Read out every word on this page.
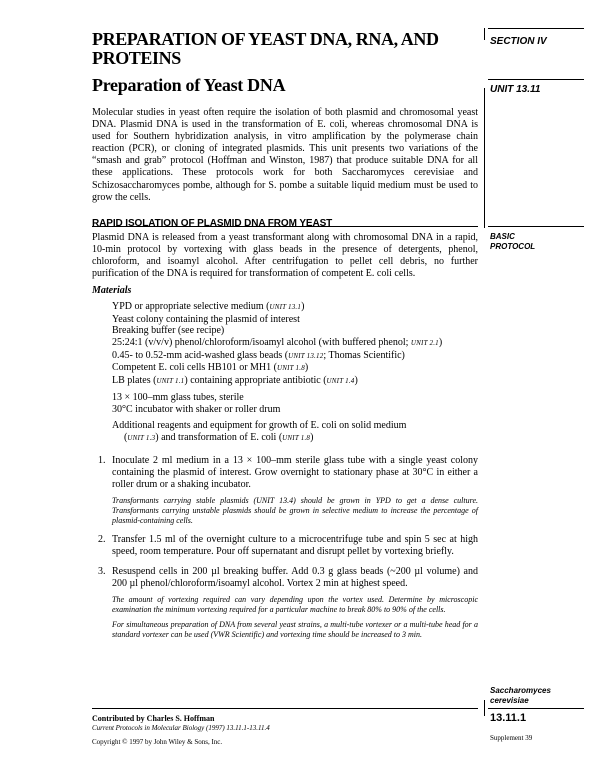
PREPARATION OF YEAST DNA, RNA, AND PROTEINS
Preparation of Yeast DNA

Molecular studies in yeast often require the isolation of both plasmid and chromosomal yeast DNA. Plasmid DNA is used in the transformation of E. coli, whereas chromosomal DNA is used for Southern hybridization analysis, in vitro amplification by the polymerase chain reaction (PCR), or cloning of integrated plasmids. This unit presents two variations of the “smash and grab” protocol (Hoffman and Winston, 1987) that produce suitable DNA for all these applications. These protocols work for both Saccharomyces cerevisiae and Schizosaccharomyces pombe, although for S. pombe a suitable liquid medium must be used to grow the cells.

RAPID ISOLATION OF PLASMID DNA FROM YEAST

Plasmid DNA is released from a yeast transformant along with chromosomal DNA in a rapid, 10-min protocol by vortexing with glass beads in the presence of detergents, phenol, chloroform, and isoamyl alcohol. After centrifugation to pellet cell debris, no further purification of the DNA is required for transformation of competent E. coli cells.

Materials
YPD or appropriate selective medium (UNIT 13.1)
Yeast colony containing the plasmid of interest
Breaking buffer (see recipe)
25:24:1 (v/v/v) phenol/chloroform/isoamyl alcohol (with buffered phenol; UNIT 2.1)
0.45- to 0.52-mm acid-washed glass beads (UNIT 13.12; Thomas Scientific)
Competent E. coli cells HB101 or MH1 (UNIT 1.8)
LB plates (UNIT 1.1) containing appropriate antibiotic (UNIT 1.4)
13 × 100–mm glass tubes, sterile
30°C incubator with shaker or roller drum
Additional reagents and equipment for growth of E. coli on solid medium
(UNIT 1.3) and transformation of E. coli (UNIT 1.8)
1. Inoculate 2 ml medium in a 13 × 100–mm sterile glass tube with a single yeast colony containing the plasmid of interest. Grow overnight to stationary phase at 30°C in either a roller drum or a shaking incubator.

Transformants carrying stable plasmids (UNIT 13.4) should be grown in YPD to get a dense culture. Transformants carrying unstable plasmids should be grown in selective medium to increase the percentage of plasmid-containing cells.

2. Transfer 1.5 ml of the overnight culture to a microcentrifuge tube and spin 5 sec at high speed, room temperature. Pour off supernatant and disrupt pellet by vortexing briefly.

3. Resuspend cells in 200 µl breaking buffer. Add 0.3 g glass beads (~200 µl volume) and 200 µl phenol/chloroform/isoamyl alcohol. Vortex 2 min at highest speed.

The amount of vortexing required can vary depending upon the vortex used. Determine by microscopic examination the minimum vortexing required for a particular machine to break 80% to 90% of the cells.

For simultaneous preparation of DNA from several yeast strains, a multi-tube vortexer or a multi-tube head for a standard vortexer can be used (VWR Scientific) and vortexing time should be increased to 3 min.

SECTION IV

UNIT 13.11

BASIC PROTOCOL

Saccharomyces cerevisiae

Contributed by Charles S. Hoffman

Current Protocols in Molecular Biology (1997) 13.11.1-13.11.4

Copyright © 1997 by John Wiley & Sons, Inc.

13.11.1

Supplement 39
